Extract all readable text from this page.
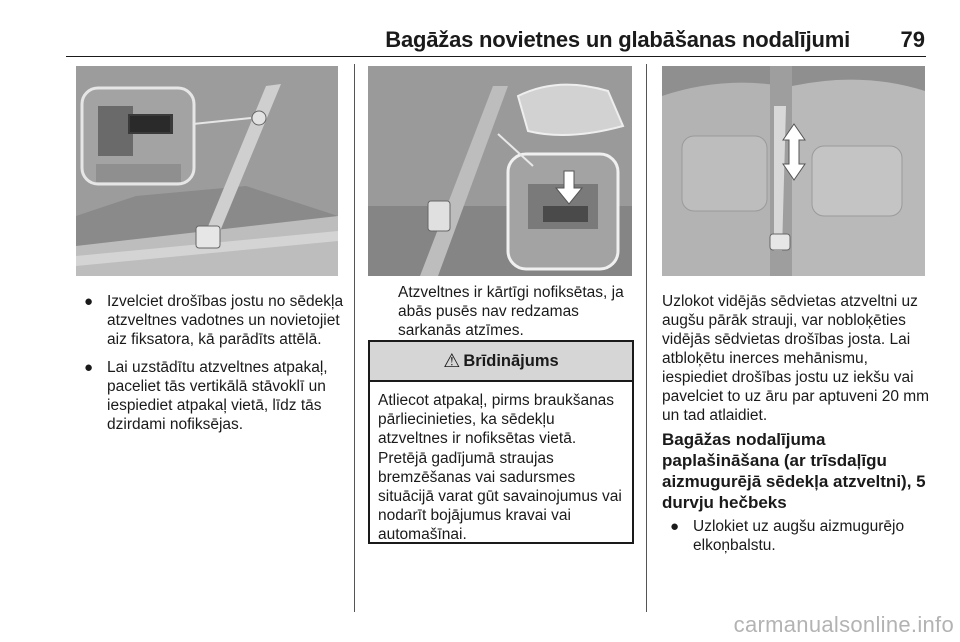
Bagāžas novietnes un glabāšanas nodalījumi 79
● Izvelciet drošības jostu no sēdekļa atzveltnes vadotnes un novietojiet aiz fiksatora, kā parādīts attēlā.
● Lai uzstādītu atzveltnes atpakaļ, paceliet tās vertikālā stāvoklī un iespiediet atpakaļ vietā, līdz tās dzirdami nofiksējas.

Atzveltnes ir kārtīgi nofiksētas, ja abās pusēs nav redzamas sarkanās atzīmes.

⚠ Brīdinājums
Atliecot atpakaļ, pirms braukšanas pārliecinieties, ka sēdekļu atzveltnes ir nofiksētas vietā. Pretējā gadījumā straujas bremzēšanas vai sadursmes situācijā varat gūt savainojumus vai nodarīt bojājumus kravai vai automašīnai.

Uzlokot vidējās sēdvietas atzveltni uz augšu pārāk strauji, var nobloķēties vidējās sēdvietas drošības josta. Lai atbloķētu inerces mehānismu, iespiediet drošības jostu uz iekšu vai pavelciet to uz āru par aptuveni 20 mm un tad atlaidiet.

Bagāžas nodalījuma paplašināšana (ar trīsdaļīgu aizmugurējā sēdekļa atzveltni), 5 durvju hečbeks
● Uzlokiet uz augšu aizmugurējo elkoņbalstu.
carmanualsonline.info
